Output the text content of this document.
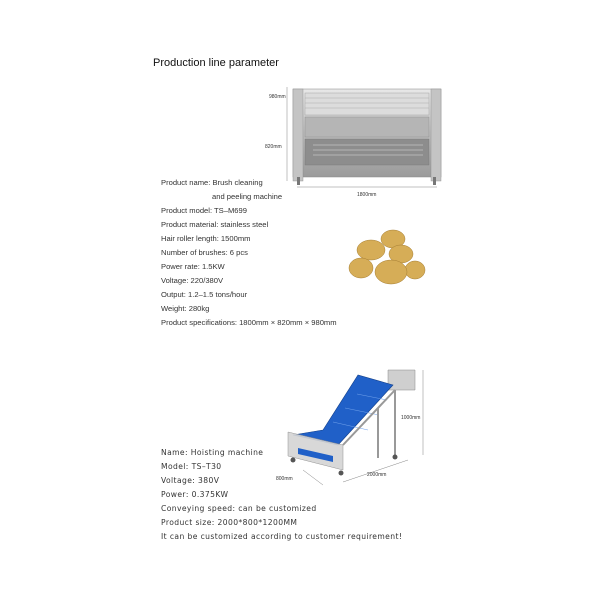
Production line parameter
980mm
820mm
1800mm
Product name: Brush cleaning
and peeling machine
Product model: TS–M699
Product material: stainless steel
Hair roller length: 1500mm
Number of brushes: 6 pcs
Power rate: 1.5KW
Voltage: 220/380V
Output: 1.2–1.5 tons/hour
Weight: 280kg
Product specifications: 1800mm × 820mm × 980mm
1000mm
800mm
2000mm
Name: Hoisting machine
Model: TS–T30
Voltage: 380V
Power: 0.375KW
Conveying speed: can be customized
Product size: 2000*800*1200MM
It can be customized according to customer requirement!
